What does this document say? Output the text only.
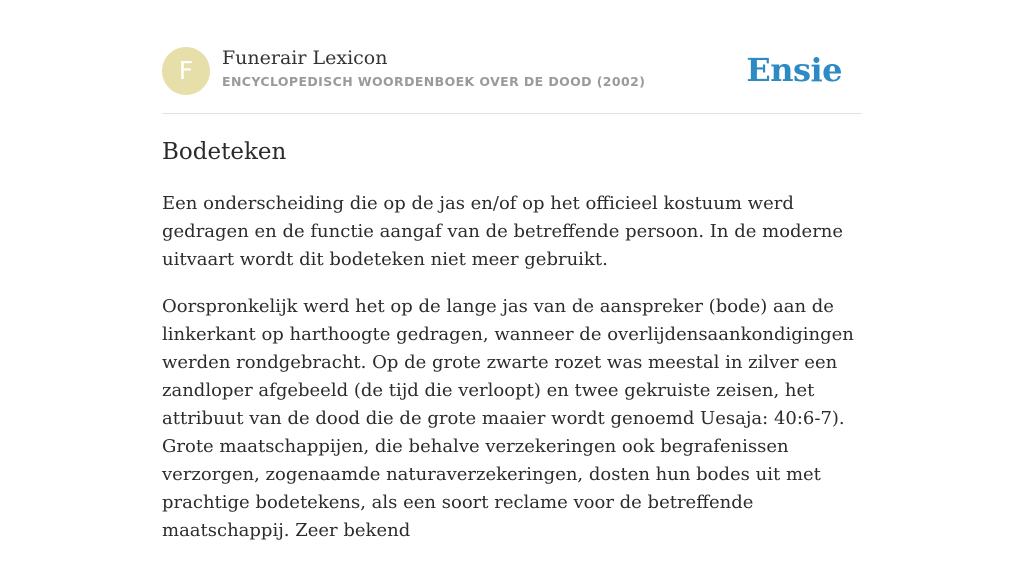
F	Funerair Lexicon
ENCYCLOPEDISCH WOORDENBOEK OVER DE DOOD (2002)	Ensie
Bodeteken

Een onderscheiding die op de jas en/of op het officieel kostuum werd gedragen en de functie aangaf van de betreffende persoon. In de moderne uitvaart wordt dit bodeteken niet meer gebruikt.

Oorspronkelijk werd het op de lange jas van de aanspreker (bode) aan de linkerkant op harthoogte gedragen, wanneer de overlijdensaankondigingen werden rondgebracht. Op de grote zwarte rozet was meestal in zilver een zandloper afgebeeld (de tijd die verloopt) en twee gekruiste zeisen, het attribuut van de dood die de grote maaier wordt genoemd Uesaja: 40:6-7). Grote maatschappijen, die behalve verzekeringen ook begrafenissen verzorgen, zogenaamde naturaverzekeringen, dosten hun bodes uit met prachtige bodetekens, als een soort reclame voor de betreffende maatschappij. Zeer bekend
